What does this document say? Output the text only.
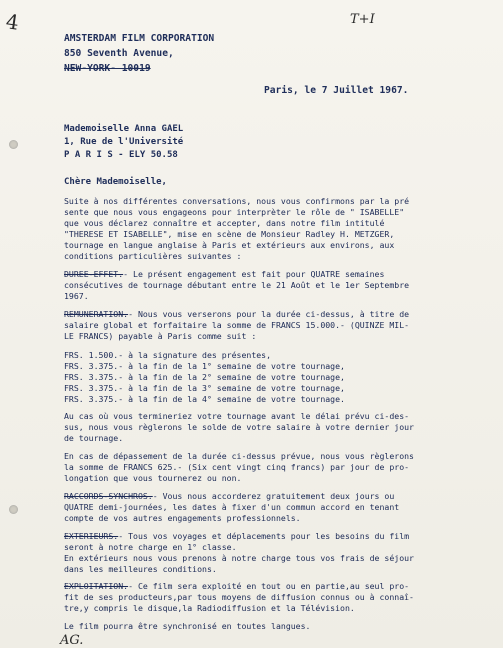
4	T+I
AMSTERDAM FILM CORPORATION
850 Seventh Avenue,
NEW-YORK- 10019
Paris, le 7 Juillet 1967.
Mademoiselle Anna GAEL
1, Rue de l'Université
P A R I S - ELY 50.58
Chère Mademoiselle,
Suite à nos différentes conversations, nous vous confirmons par la pré
sente que nous vous engageons pour interprèter le rôle de " ISABELLE"
que vous déclarez connaître et accepter, dans notre film intitulé
"THERESE ET ISABELLE", mise en scène de Monsieur Radley H. METZGER,
tournage en langue anglaise à Paris et extérieurs aux environs, aux
conditions particulières suivantes :
DUREE-EFFET.- Le présent engagement est fait pour QUATRE semaines
consécutives de tournage débutant entre le 21 Août et le 1er Septembre
1967.
REMUNERATION.- Nous vous verserons pour la durée ci-dessus, à titre de
salaire global et forfaitaire la somme de FRANCS 15.000.- (QUINZE MIL-
LE FRANCS) payable à Paris comme suit :
FRS. 1.500.- à la signature des présentes,
FRS. 3.375.- à la fin de la 1° semaine de votre tournage,
FRS. 3.375.- à la fin de la 2° semaine de votre tournage,
FRS. 3.375.- à la fin de la 3° semaine de votre tournage,
FRS. 3.375.- à la fin de la 4° semaine de votre tournage.
Au cas où vous termineriez votre tournage avant le délai prévu ci-des-
sus, nous vous règlerons le solde de votre salaire à votre dernier jour
de tournage.
En cas de dépassement de la durée ci-dessus prévue, nous vous règlerons
la somme de FRANCS 625.- (Six cent vingt cinq francs) par jour de pro-
longation que vous tournerez ou non.
RACCORDS-SYNCHROS.- Vous nous accorderez gratuitement deux jours ou
QUATRE demi-journées, les dates à fixer d'un commun accord en tenant
compte de vos autres engagements professionnels.
EXTERIEURS.- Tous vos voyages et déplacements pour les besoins du film
seront à notre charge en 1° classe.
En extérieurs nous vous prenons à notre charge tous vos frais de séjour
dans les meilleures conditions.
EXPLOITATION.- Ce film sera exploité en tout ou en partie,au seul pro-
fit de ses producteurs,par tous moyens de diffusion connus ou à connaî-
tre,y compris le disque,la Radiodiffusion et la Télévision.
Le film pourra être synchronisé en toutes langues.
AG.
